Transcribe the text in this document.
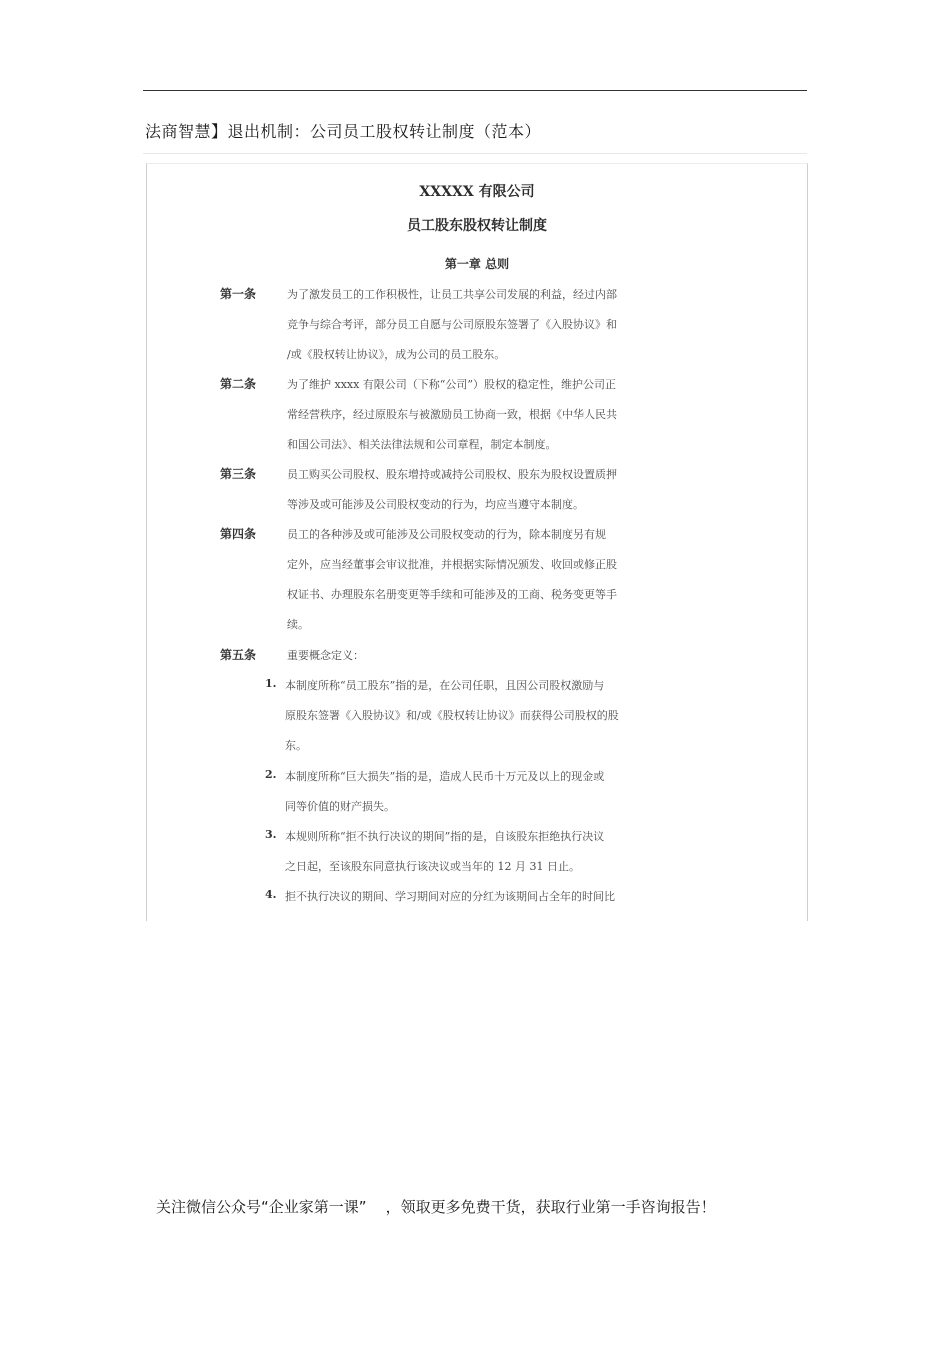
法商智慧】退出机制：公司员工股权转让制度（范本）
XXXXX 有限公司
员工股东股权转让制度
第一章 总则
第一条	为了激发员工的工作积极性，让员工共享公司发展的利益，经过内部
竞争与综合考评，部分员工自愿与公司原股东签署了《入股协议》和
/或《股权转让协议》，成为公司的员工股东。
第二条	为了维护 xxxx 有限公司（下称“公司”）股权的稳定性，维护公司正
常经营秩序，经过原股东与被激励员工协商一致，根据《中华人民共
和国公司法》、相关法律法规和公司章程，制定本制度。
第三条	员工购买公司股权、股东增持或减持公司股权、股东为股权设置质押
等涉及或可能涉及公司股权变动的行为，均应当遵守本制度。
第四条	员工的各种涉及或可能涉及公司股权变动的行为，除本制度另有规
定外，应当经董事会审议批准，并根据实际情况颁发、收回或修正股
权证书、办理股东名册变更等手续和可能涉及的工商、税务变更等手
续。
第五条	重要概念定义：
1. 本制度所称“员工股东”指的是，在公司任职，且因公司股权激励与
原股东签署《入股协议》和/或《股权转让协议》而获得公司股权的股
东。
2. 本制度所称“巨大损失”指的是，造成人民币十万元及以上的现金或
同等价值的财产损失。
3. 本规则所称“拒不执行决议的期间”指的是，自该股东拒绝执行决议
之日起，至该股东同意执行该决议或当年的 12 月 31 日止。
4. 拒不执行决议的期间、学习期间对应的分红为该期间占全年的时间比
关注微信公众号“企业家第一课”    ，领取更多免费干货，获取行业第一手咨询报告！
